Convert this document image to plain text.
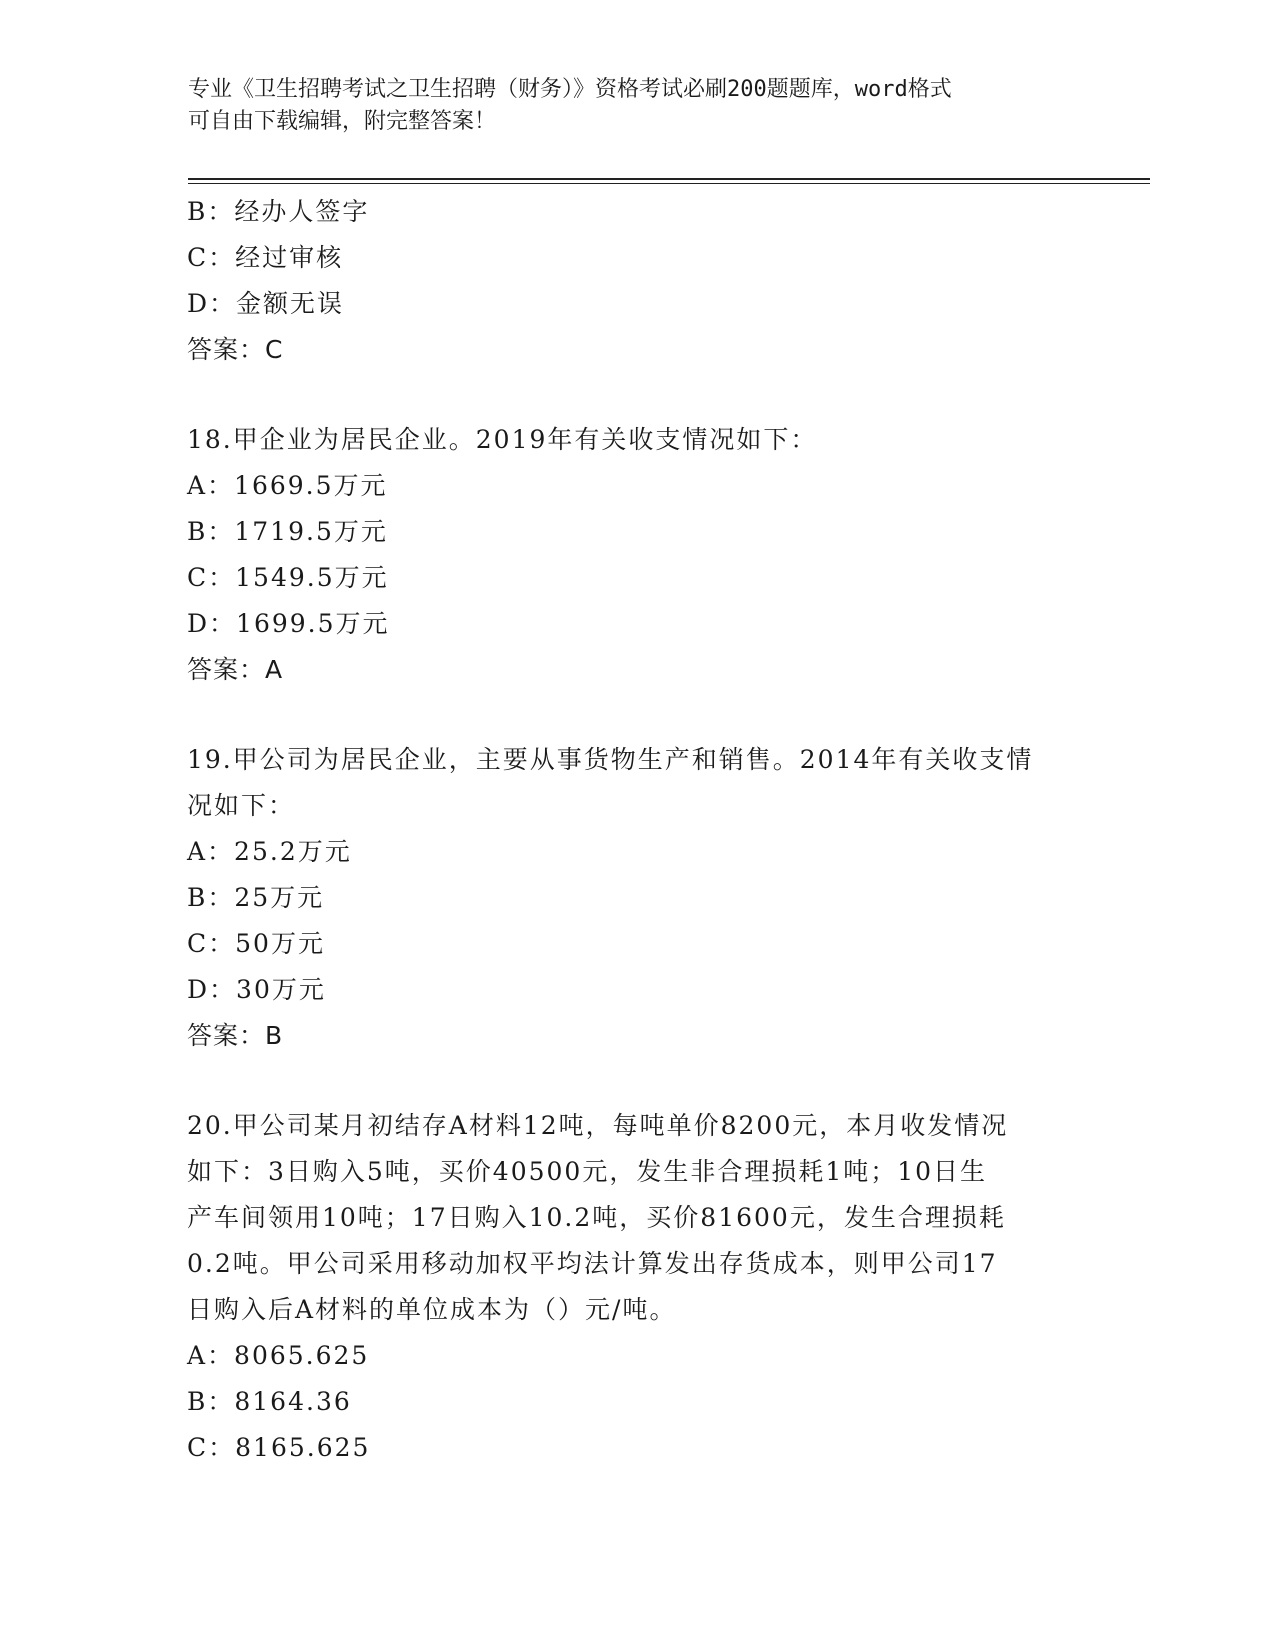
专业《卫生招聘考试之卫生招聘（财务）》资格考试必刷200题题库，word格式
可自由下载编辑，附完整答案！
B：经办人签字
C：经过审核
D：金额无误
答案：C
18.甲企业为居民企业。2019年有关收支情况如下：
A：1669.5万元
B：1719.5万元
C：1549.5万元
D：1699.5万元
答案：A
19.甲公司为居民企业，主要从事货物生产和销售。2014年有关收支情
况如下：
A：25.2万元
B：25万元
C：50万元
D：30万元
答案：B
20.甲公司某月初结存A材料12吨，每吨单价8200元，本月收发情况
如下：3日购入5吨，买价40500元，发生非合理损耗1吨；10日生
产车间领用10吨；17日购入10.2吨，买价81600元，发生合理损耗
0.2吨。甲公司采用移动加权平均法计算发出存货成本，则甲公司17
日购入后A材料的单位成本为（）元/吨。
A：8065.625
B：8164.36
C：8165.625
